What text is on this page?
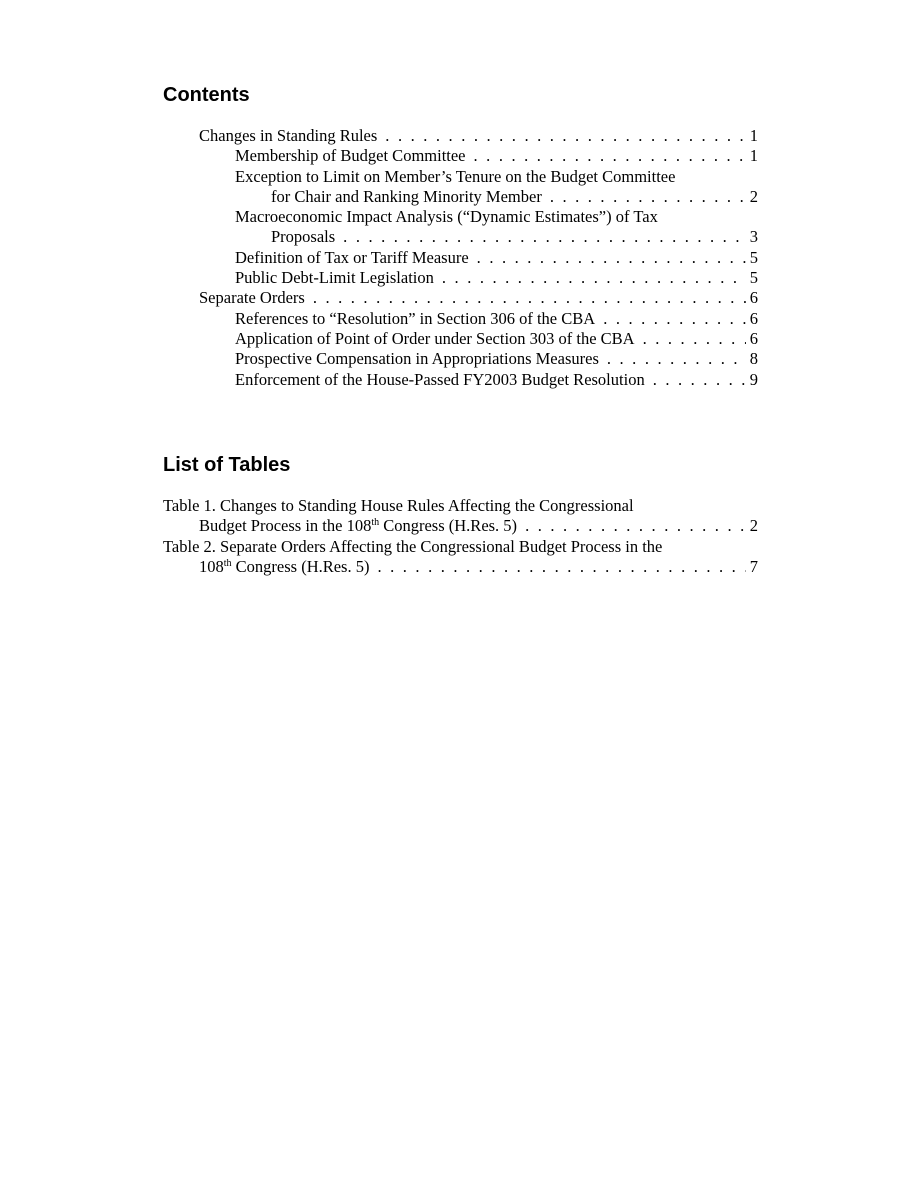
Contents
Changes in Standing Rules . . .	1
Membership of Budget Committee . . .	1
Exception to Limit on Member’s Tenure on the Budget Committee
for Chair and Ranking Minority Member . . .	2
Macroeconomic Impact Analysis (“Dynamic Estimates”) of Tax
Proposals . . .	3
Definition of Tax or Tariff Measure . . .	5
Public Debt-Limit Legislation . . .	5
Separate Orders . . .	6
References to “Resolution” in Section 306 of the CBA . . .	6
Application of Point of Order under Section 303 of the CBA . . .	6
Prospective Compensation in Appropriations Measures . . .	8
Enforcement of the House-Passed FY2003 Budget Resolution . . .	9
List of Tables
Table 1. Changes to Standing House Rules Affecting the Congressional
Budget Process in the 108th Congress (H.Res. 5) . . .	2
Table 2. Separate Orders Affecting the Congressional Budget Process in the
108th Congress (H.Res. 5) . . .	7
